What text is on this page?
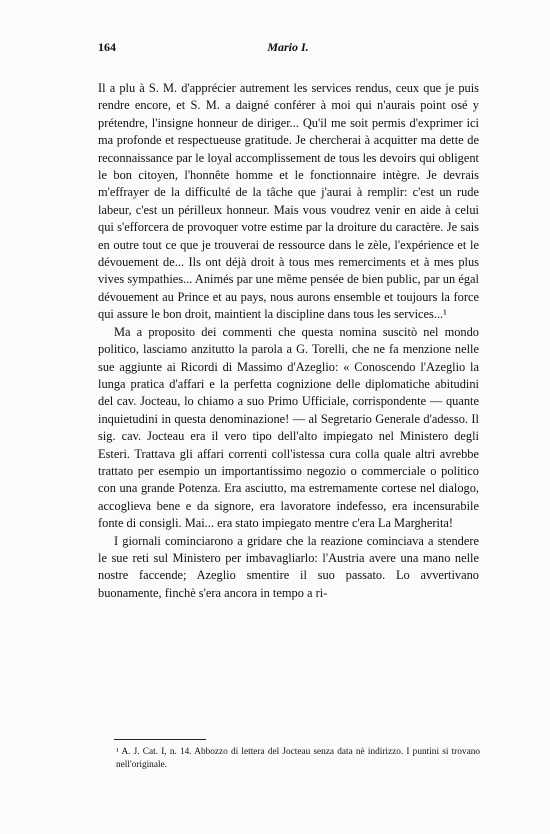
164	Mario I.

Il a plu à S. M. d'apprécier autrement les services rendus, ceux que je puis rendre encore, et S. M. a daigné conférer à moi qui n'aurais point osé y prétendre, l'insigne honneur de diriger... Qu'il me soit permis d'exprimer ici ma profonde et respectueuse gratitude. Je chercherai à acquitter ma dette de reconnaissance par le loyal accomplissement de tous les devoirs qui obligent le bon citoyen, l'honnête homme et le fonctionnaire intègre. Je devrais m'effrayer de la difficulté de la tâche que j'aurai à remplir: c'est un rude labeur, c'est un périlleux honneur. Mais vous voudrez venir en aide à celui qui s'efforcera de provoquer votre estime par la droiture du caractère. Je sais en outre tout ce que je trouverai de ressource dans le zèle, l'expérience et le dévouement de... Ils ont déjà droit à tous mes remerciments et à mes plus vives sympathies... Animés par une même pensée de bien public, par un égal dévouement au Prince et au pays, nous aurons ensemble et toujours la force qui assure le bon droit, maintient la discipline dans tous les services...¹

Ma a proposito dei commenti che questa nomina suscitò nel mondo politico, lasciamo anzitutto la parola a G. Torelli, che ne fa menzione nelle sue aggiunte ai Ricordi di Massimo d'Azeglio: « Conoscendo l'Azeglio la lunga pratica d'affari e la perfetta cognizione delle diplomatiche abitudini del cav. Jocteau, lo chiamo a suo Primo Ufficiale, corrispondente — quante inquietudini in questa denominazione! — al Segretario Generale d'adesso. Il sig. cav. Jocteau era il vero tipo dell'alto impiegato nel Ministero degli Esteri. Trattava gli affari correnti coll'istessa cura colla quale altri avrebbe trattato per esempio un importantissimo negozio o commerciale o politico con una grande Potenza. Era asciutto, ma estremamente cortese nel dialogo, accoglieva bene e da signore, era lavoratore indefesso, era incensurabile fonte di consigli. Mai... era stato impiegato mentre c'era La Margherita!

I giornali cominciarono a gridare che la reazione cominciava a stendere le sue reti sul Ministero per imbavagliarlo: l'Austria avere una mano nelle nostre faccende; Azeglio smentire il suo passato. Lo avvertivano buonamente, finchè s'era ancora in tempo a ri-

¹ A. J. Cat. I, n. 14. Abbozzo di lettera del Jocteau senza data nè indirizzo. I puntini si trovano nell'originale.
